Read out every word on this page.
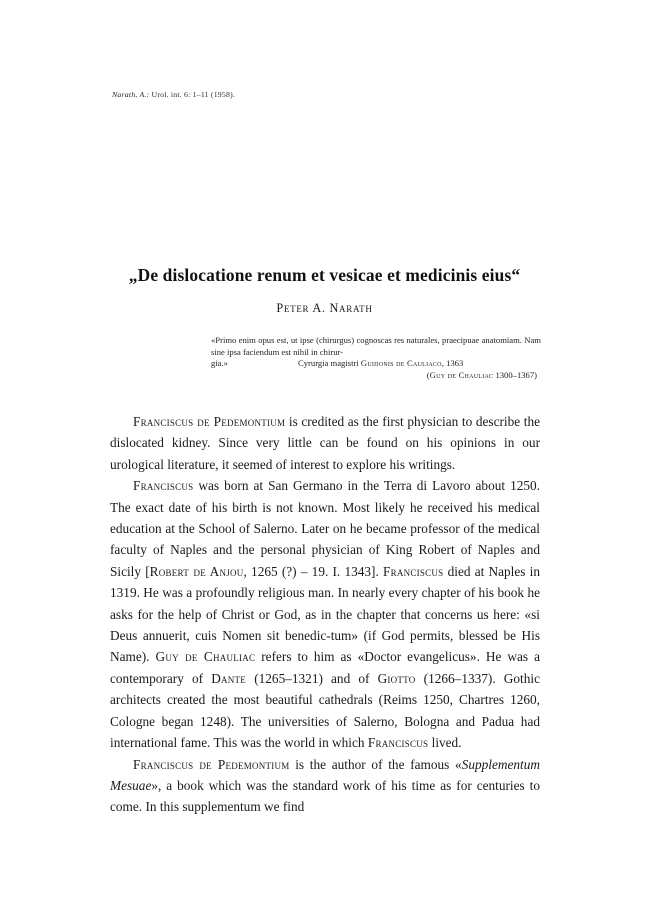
Narath, A.: Urol. int. 6: 1–11 (1958).
„De dislocatione renum et vesicae et medicinis eius“
Peter A. Narath
«Primo enim opus est, ut ipse (chirurgus) cognoscas res naturales, praecipuae anatomiam. Nam sine ipsa faciendum est nihil in chirur-
gia.»	Cyrurgia magistri Guidonis de Cauliaco, 1363
(Guy de Chauliac 1300–1367)

Franciscus de Pedemontium is credited as the first physician to describe the dislocated kidney. Since very little can be found on his opinions in our urological literature, it seemed of interest to explore his writings.

Franciscus was born at San Germano in the Terra di Lavoro about 1250. The exact date of his birth is not known. Most likely he received his medical education at the School of Salerno. Later on he became professor of the medical faculty of Naples and the personal physician of King Robert of Naples and Sicily [Robert de Anjou, 1265 (?) – 19. I. 1343]. Franciscus died at Naples in 1319. He was a profoundly religious man. In nearly every chapter of his book he asks for the help of Christ or God, as in the chapter that concerns us here: «si Deus annuerit, cuis Nomen sit benedic-tum» (if God permits, blessed be His Name). Guy de Chauliac refers to him as «Doctor evangelicus». He was a contemporary of Dante (1265–1321) and of Giotto (1266–1337). Gothic architects created the most beautiful cathedrals (Reims 1250, Chartres 1260, Cologne began 1248). The universities of Salerno, Bologna and Padua had international fame. This was the world in which Franciscus lived.

Franciscus de Pedemontium is the author of the famous «Supplementum Mesuae», a book which was the standard work of his time as for centuries to come. In this supplementum we find
